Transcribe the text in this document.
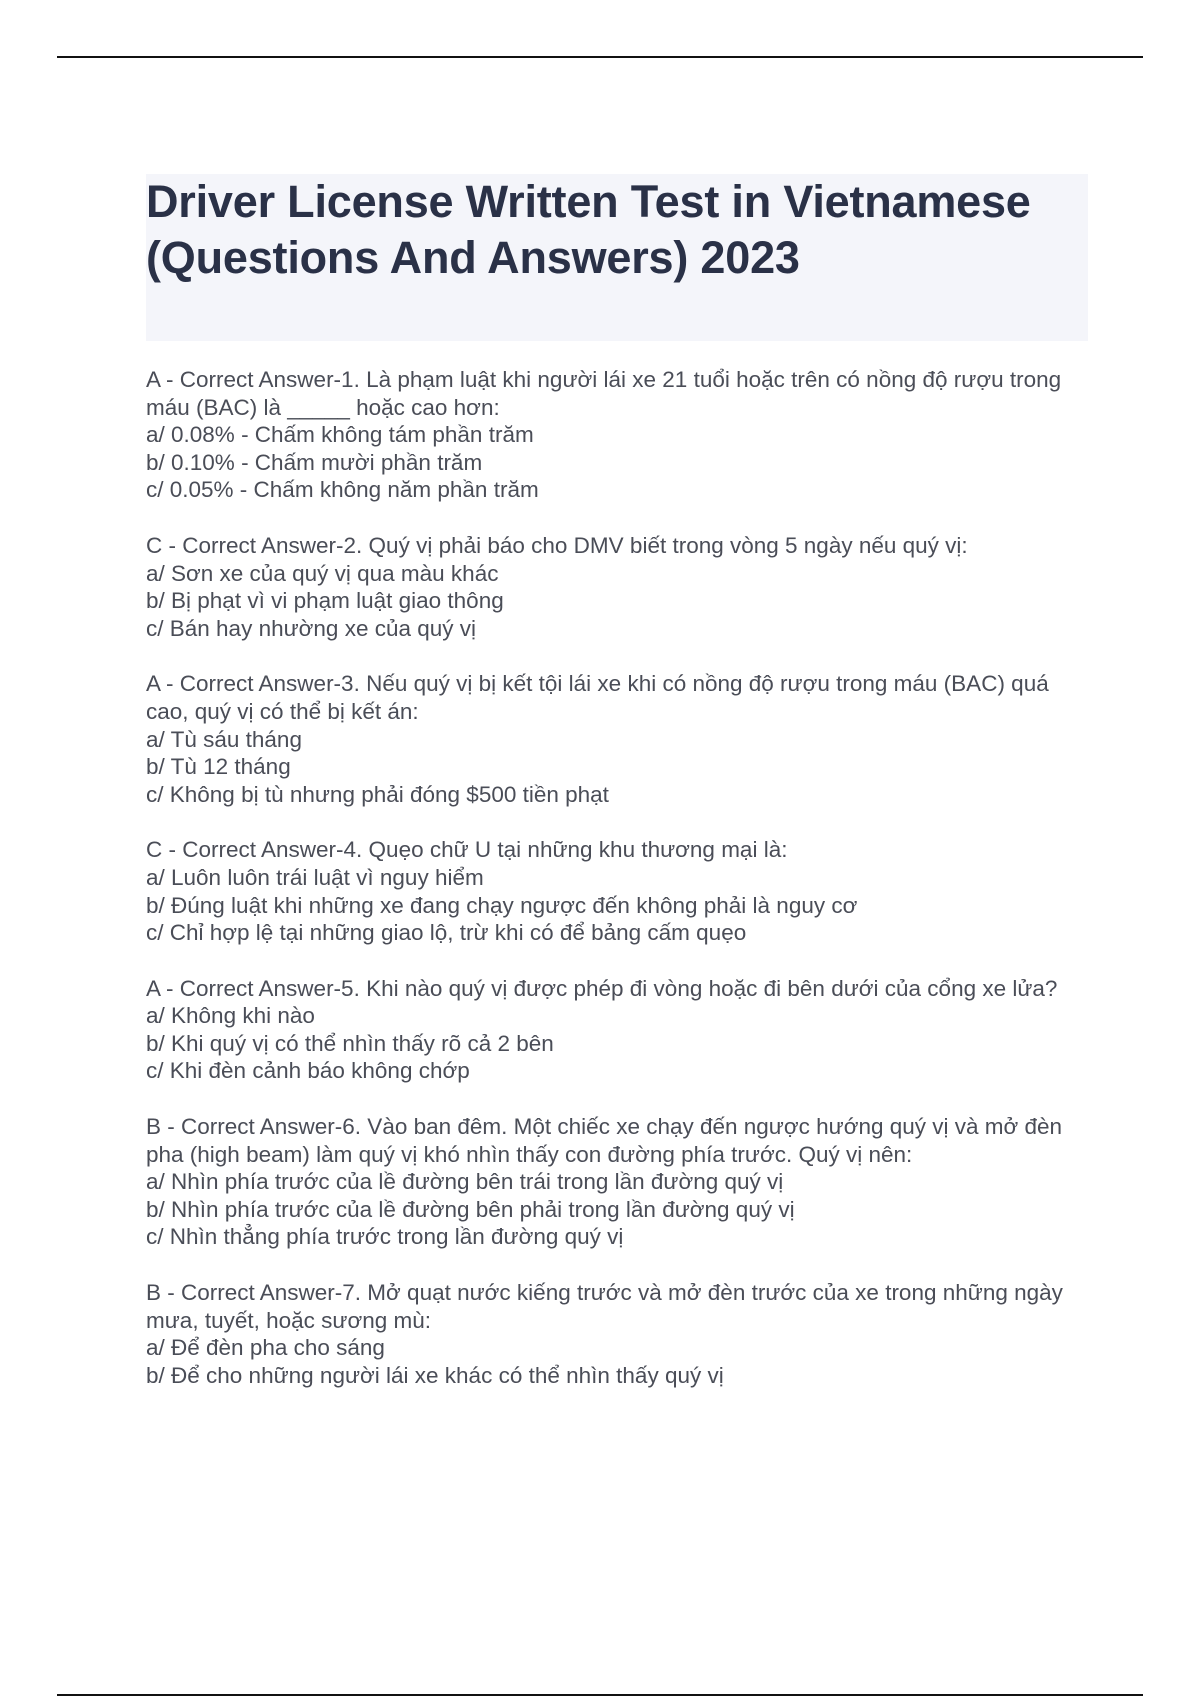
Driver License Written Test in Vietnamese (Questions And Answers) 2023
A - Correct Answer-1. Là phạm luật khi người lái xe 21 tuổi hoặc trên có nồng độ rượu trong máu (BAC) là _____ hoặc cao hơn:
a/ 0.08% - Chấm không tám phần trăm
b/ 0.10% - Chấm mười phần trăm
c/ 0.05% - Chấm không năm phần trăm
C - Correct Answer-2. Quý vị phải báo cho DMV biết trong vòng 5 ngày nếu quý vị:
a/ Sơn xe của quý vị qua màu khác
b/ Bị phạt vì vi phạm luật giao thông
c/ Bán hay nhường xe của quý vị
A - Correct Answer-3. Nếu quý vị bị kết tội lái xe khi có nồng độ rượu trong máu (BAC) quá cao, quý vị có thể bị kết án:
a/ Tù sáu tháng
b/ Tù 12 tháng
c/ Không bị tù nhưng phải đóng $500 tiền phạt
C - Correct Answer-4. Quẹo chữ U tại những khu thương mại là:
a/ Luôn luôn trái luật vì nguy hiểm
b/ Đúng luật khi những xe đang chạy ngược đến không phải là nguy cơ
c/ Chỉ hợp lệ tại những giao lộ, trừ khi có để bảng cấm quẹo
A - Correct Answer-5. Khi nào quý vị được phép đi vòng hoặc đi bên dưới của cổng xe lửa?
a/ Không khi nào
b/ Khi quý vị có thể nhìn thấy rõ cả 2 bên
c/ Khi đèn cảnh báo không chớp
B - Correct Answer-6. Vào ban đêm. Một chiếc xe chạy đến ngược hướng quý vị và mở đèn pha (high beam) làm quý vị khó nhìn thấy con đường phía trước. Quý vị nên:
a/ Nhìn phía trước của lề đường bên trái trong lần đường quý vị
b/ Nhìn phía trước của lề đường bên phải trong lần đường quý vị
c/ Nhìn thẳng phía trước trong lần đường quý vị
B - Correct Answer-7. Mở quạt nước kiếng trước và mở đèn trước của xe trong những ngày mưa, tuyết, hoặc sương mù:
a/ Để đèn pha cho sáng
b/ Để cho những người lái xe khác có thể nhìn thấy quý vị
